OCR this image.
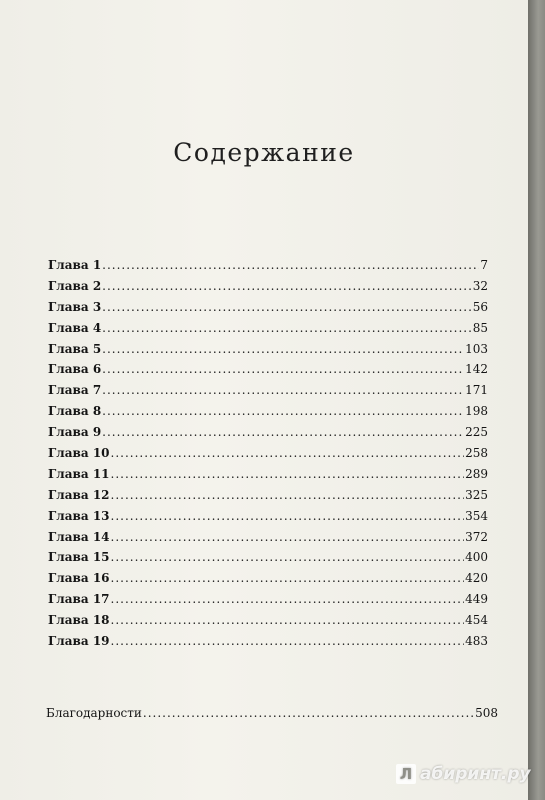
Содержание
Глава 1 .....	7
Глава 2 .....	32
Глава 3 .....	56
Глава 4 .....	85
Глава 5 .....	103
Глава 6 .....	142
Глава 7 .....	171
Глава 8 .....	198
Глава 9 .....	225
Глава 10 .....	258
Глава 11 .....	289
Глава 12 .....	325
Глава 13 .....	354
Глава 14 .....	372
Глава 15 .....	400
Глава 16 .....	420
Глава 17 .....	449
Глава 18 .....	454
Глава 19 .....	483
Благодарности .....	508
Л абиринт.ру
